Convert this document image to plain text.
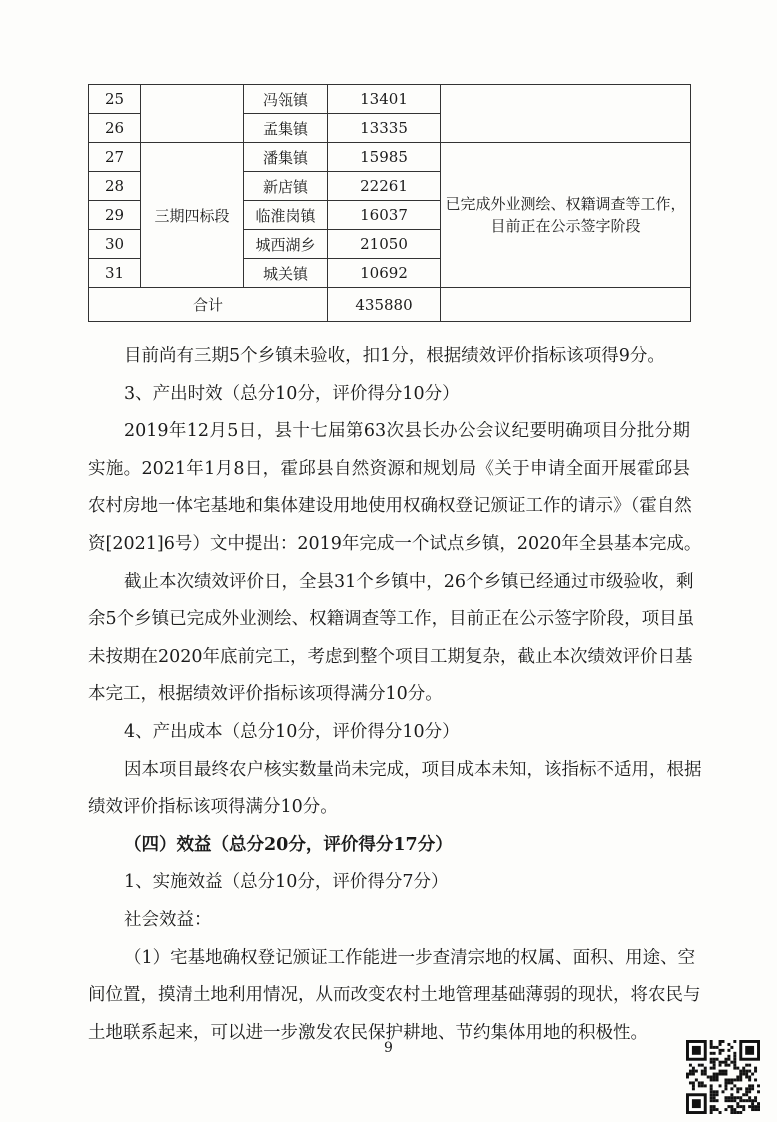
25		冯瓴镇	13401	
26		孟集镇	13335	
27	三期四标段	潘集镇	15985	已完成外业测绘、权籍调查等工作，
目前正在公示签字阶段

28		新店镇	22261	
29		临淮岗镇	16037	
30		城西湖乡	21050	
31		城关镇	10692	
合计			435880	
目前尚有三期5个乡镇未验收，扣1分，根据绩效评价指标该项得9分。
3、产出时效（总分10分，评价得分10分）
2019年12月5日，县十七届第63次县长办公会议纪要明确项目分批分期
实施。2021年1月8日，霍邱县自然资源和规划局《关于申请全面开展霍邱县
农村房地一体宅基地和集体建设用地使用权确权登记颁证工作的请示》（霍自然
资[2021]6号）文中提出：2019年完成一个试点乡镇，2020年全县基本完成。
截止本次绩效评价日，全县31个乡镇中，26个乡镇已经通过市级验收，剩
余5个乡镇已完成外业测绘、权籍调查等工作，目前正在公示签字阶段，项目虽
未按期在2020年底前完工，考虑到整个项目工期复杂，截止本次绩效评价日基
本完工，根据绩效评价指标该项得满分10分。
4、产出成本（总分10分，评价得分10分）
因本项目最终农户核实数量尚未完成，项目成本未知，该指标不适用，根据
绩效评价指标该项得满分10分。
（四）效益（总分20分，评价得分17分）
1、实施效益（总分10分，评价得分7分）
社会效益：
（1）宅基地确权登记颁证工作能进一步查清宗地的权属、面积、用途、空
间位置，摸清土地利用情况，从而改变农村土地管理基础薄弱的现状，将农民与
土地联系起来，可以进一步激发农民保护耕地、节约集体用地的积极性。
9
